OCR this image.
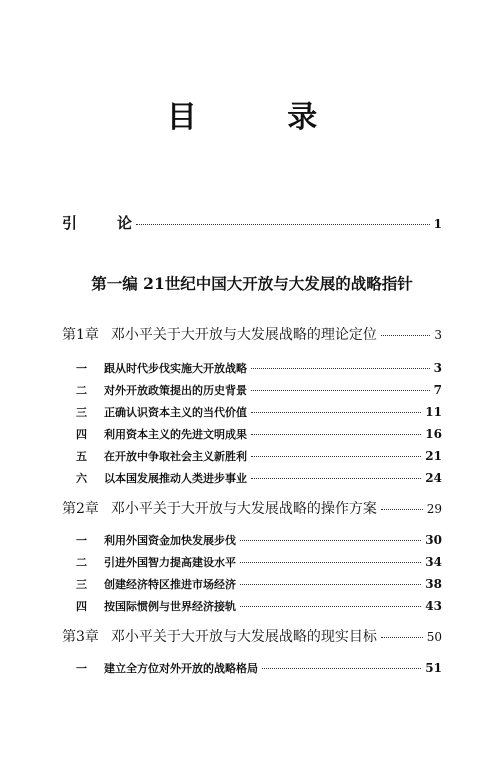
目 录
引	论	1
第一编 21世纪中国大开放与大发展的战略指针
第1章 邓小平关于大开放与大发展战略的理论定位	3
一	跟从时代步伐实施大开放战略	3
二	对外开放政策提出的历史背景	7
三	正确认识资本主义的当代价值	11
四	利用资本主义的先进文明成果	16
五	在开放中争取社会主义新胜利	21
六	以本国发展推动人类进步事业	24
第2章 邓小平关于大开放与大发展战略的操作方案	29
一	利用外国资金加快发展步伐	30
二	引进外国智力提高建设水平	34
三	创建经济特区推进市场经济	38
四	按国际惯例与世界经济接轨	43
第3章 邓小平关于大开放与大发展战略的现实目标	50
一	建立全方位对外开放的战略格局	51
